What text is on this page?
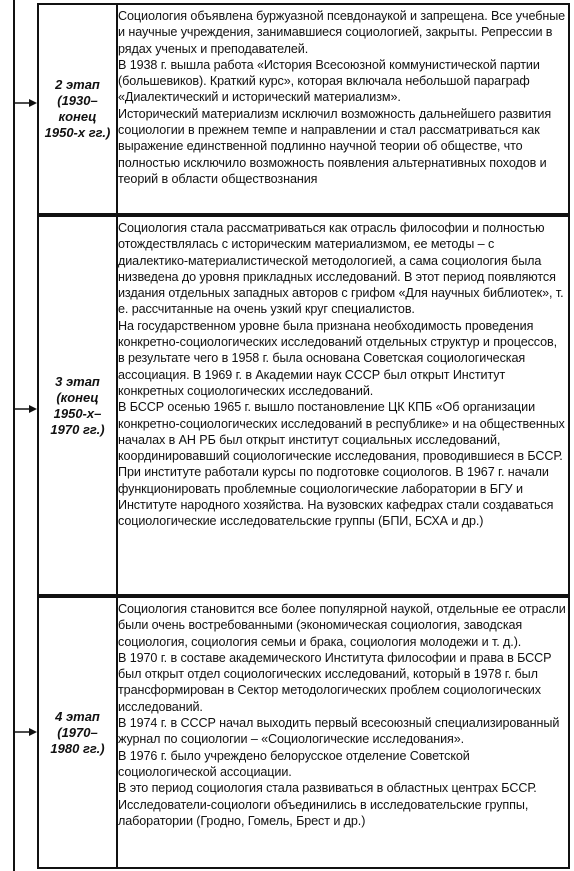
2 этап
(1930–
конец
1950-х гг.)

Социология объявлена буржуазной псевдонаукой и запрещена. Все учебные и научные учреждения, занимавшиеся социологией, закрыты. Репрессии в рядах ученых и преподавателей.

В 1938 г. вышла работа «История Всесоюзной коммунистической партии (большевиков). Краткий курс», которая включала небольшой параграф «Диалектический и исторический материализм».

Исторический материализм исключил возможность дальнейшего развития социологии в прежнем темпе и направлении и стал рассматриваться как выражение единственной подлинно научной теории об обществе, что полностью исключило возможность появления альтернативных походов и теорий в области обществознания

3 этап
(конец
1950-х–
1970 гг.)

Социология стала рассматриваться как отрасль философии и полностью отождествлялась с историческим материализмом, ее методы – с диалектико-материалистической методологией, а сама социология была низведена до уровня прикладных исследований. В этот период появляются издания отдельных западных авторов с грифом «Для научных библиотек», т. е. рассчитанные на очень узкий круг специалистов.

На государственном уровне была признана необходимость проведения конкретно-социологических исследований отдельных структур и процессов, в результате чего в 1958 г. была основана Советская социологическая ассоциация. В 1969 г. в Академии наук СССР был открыт Институт конкретных социологических исследований.

В БССР осенью 1965 г. вышло постановление ЦК КПБ «Об организации конкретно-социологических исследований в республике» и на общественных началах в АН РБ был открыт институт социальных исследований, координировавший социологические исследования, проводившиеся в БССР. При институте работали курсы по подготовке социологов. В 1967 г. начали функционировать проблемные социологические лаборатории в БГУ и Институте народного хозяйства. На вузовских кафедрах стали создаваться социологические исследовательские группы (БПИ, БСХА и др.)

4 этап
(1970–
1980 гг.)

Социология становится все более популярной наукой, отдельные ее отрасли были очень востребованными (экономическая социология, заводская социология, социология семьи и брака, социология молодежи и т. д.).

В 1970 г. в составе академического Института философии и права в БССР был открыт отдел социологических исследований, который в 1978 г. был трансформирован в Сектор методологических проблем социологических исследований.

В 1974 г. в СССР начал выходить первый всесоюзный специализированный журнал по социологии – «Социологические исследования».

В 1976 г. было учреждено белорусское отделение Советской социологической ассоциации.

В это период социология стала развиваться в областных центрах БССР. Исследователи-социологи объединились в исследовательские группы, лаборатории (Гродно, Гомель, Брест и др.)
